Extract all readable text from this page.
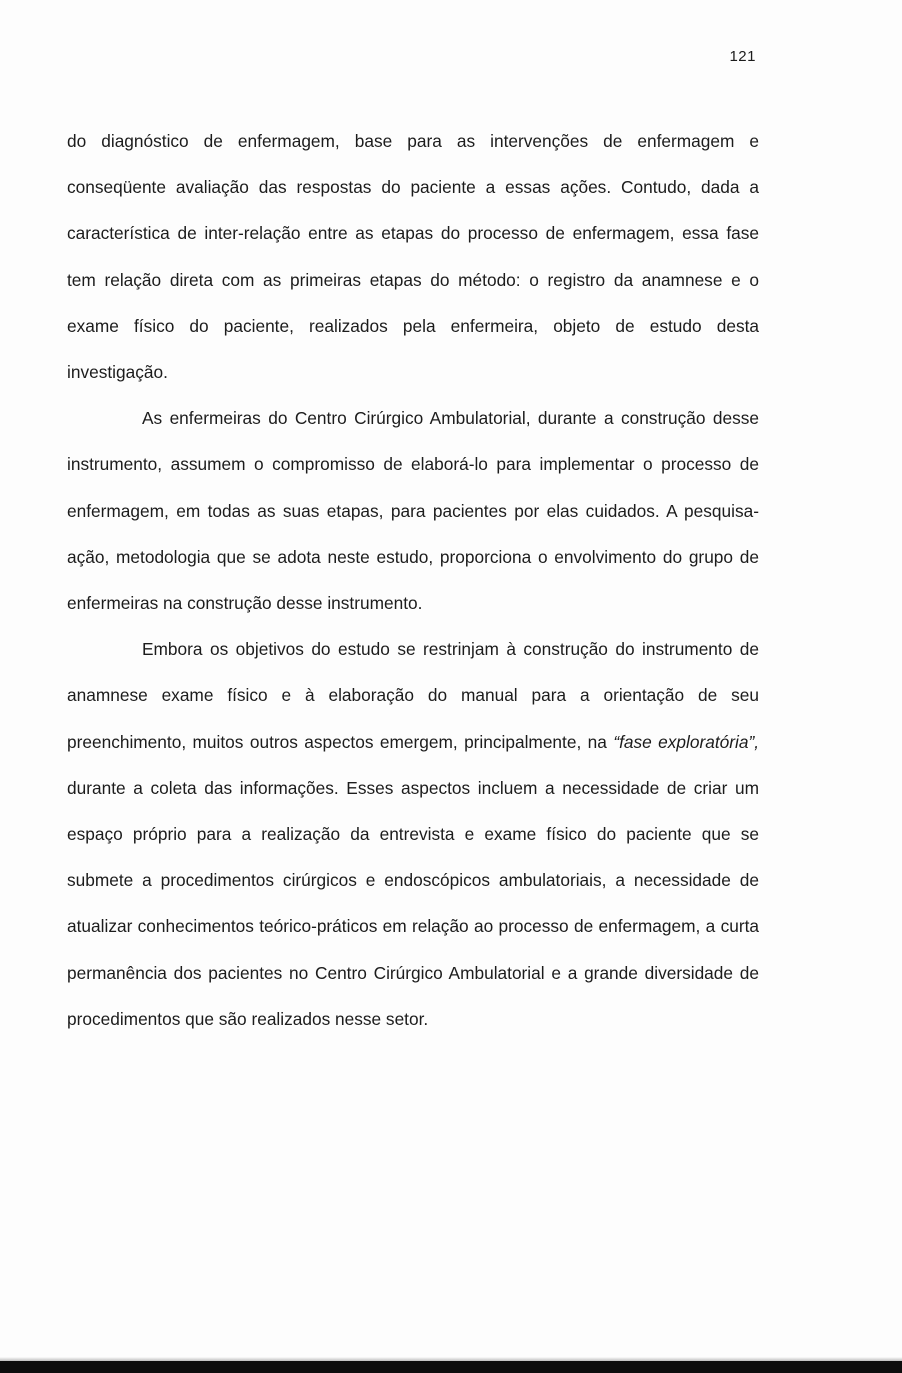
121

do diagnóstico de enfermagem, base para as intervenções de enfermagem e conseqüente avaliação das respostas do paciente a essas ações. Contudo, dada a característica de inter-relação entre as etapas do processo de enfermagem, essa fase tem relação direta com as primeiras etapas do método: o registro da anamnese e o exame físico do paciente, realizados pela enfermeira, objeto de estudo desta investigação.

As enfermeiras do Centro Cirúrgico Ambulatorial, durante a construção desse instrumento, assumem o compromisso de elaborá-lo para implementar o processo de enfermagem, em todas as suas etapas, para pacientes por elas cuidados. A pesquisa-ação, metodologia que se adota neste estudo, proporciona o envolvimento do grupo de enfermeiras na construção desse instrumento.

Embora os objetivos do estudo se restrinjam à construção do instrumento de anamnese exame físico e à elaboração do manual para a orientação de seu preenchimento, muitos outros aspectos emergem, principalmente, na “fase exploratória”, durante a coleta das informações. Esses aspectos incluem a necessidade de criar um espaço próprio para a realização da entrevista e exame físico do paciente que se submete a procedimentos cirúrgicos e endoscópicos ambulatoriais, a necessidade de atualizar conhecimentos teórico-práticos em relação ao processo de enfermagem, a curta permanência dos pacientes no Centro Cirúrgico Ambulatorial e a grande diversidade de procedimentos que são realizados nesse setor.
